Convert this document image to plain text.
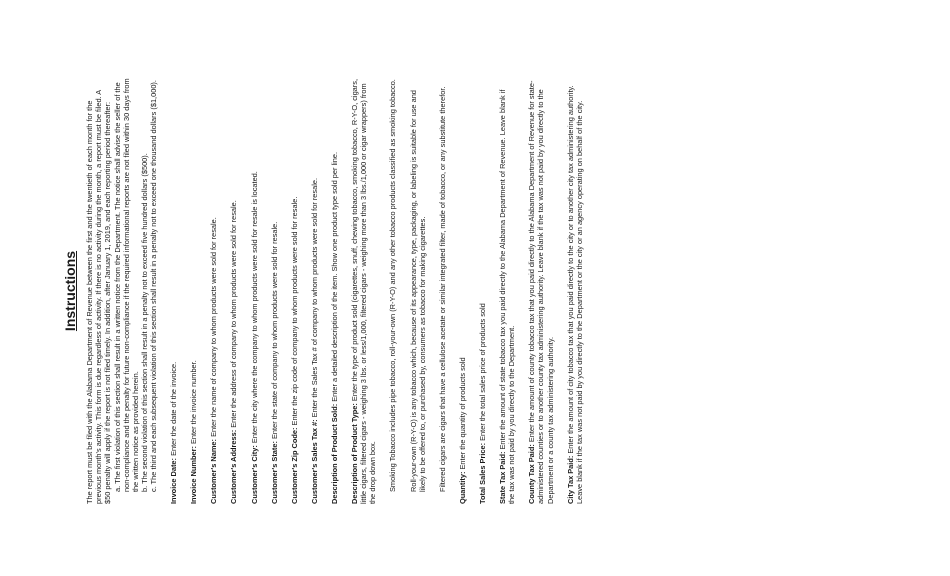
Instructions The report must be filed with the Alabama Department of Revenue between the first and the twentieth of each month for the previous month's activity. This form is due regardless of activity. If there is no activity during the month, a report must be filed. A $50 penalty will apply if the report is not filed timely. In addition, after January 1, 2019, and each reporting period thereafter: a. The first violation of this section shall result in a written notice from the Department. The notice shall advise the seller of the non-compliance and the penalty for future non-compliance if the required informational reports are not filed within 30 days from the written notice as provided herein. b. The second violation of this section shall result in a penalty not to exceed five hundred dollars ($500). c. The third and each subsequent violation of this section shall result in a penalty not to exceed one thousand dollars ($1,000). Invoice Date: Enter the date of the invoice.

Invoice Number: Enter the invoice number.

Customer's Name: Enter the name of company to whom products were sold for resale.

Customer's Address: Enter the address of company to whom products were sold for resale.

Customer's City: Enter the city where the company to whom products were sold for resale is located.

Customer's State: Enter the state of company to whom products were sold for resale.

Customer's Zip Code: Enter the zip code of company to whom products were sold for resale.

Customer's Sales Tax #: Enter the Sales Tax # of company to whom products were sold for resale.

Description of Product Sold: Enter a detailed description of the item. Show one product type sold per line.

Description of Product Type: Enter the type of product sold (cigarettes, snuff, chewing tobacco, smoking tobacco, R-Y-O, cigars, little cigars, filtered cigars - weighing 3 lbs. or less/1,000, filtered cigars - weighing more than 3 lbs./1,000 or cigar wrappers) from the drop down box. Smoking Tobacco includes pipe tobacco, roll-your-own (R-Y-O) and any other tobacco products classified as smoking tobacco. Roll-your-own (R-Y-O) is any tobacco which, because of its appearance, type, packaging, or labeling is suitable for use and likely to be offered to, or purchased by, consumers as tobacco for making cigarettes. Filtered cigars are cigars that have a cellulose acetate or similar integrated filter, made of tobacco, or any substitute therefor. Quantity: Enter the quantity of products sold

Total Sales Price: Enter the total sales price of products sold

State Tax Paid: Enter the amount of state tobacco tax you paid directly to the Alabama Department of Revenue. Leave blank if the tax was not paid by you directly to the Department. County Tax Paid: Enter the amount of county tobacco tax that you paid directly to the Alabama Department of Revenue for state-administered counties or to another county tax administering authority. Leave blank if the tax was not paid by you directly to the Department or a county tax administering authority. City Tax Paid: Enter the amount of city tobacco tax that you paid directly to the city or to another city tax administering authority. Leave blank if the tax was not paid by you directly to the Department or the city or an agency operating on behalf of the city.
